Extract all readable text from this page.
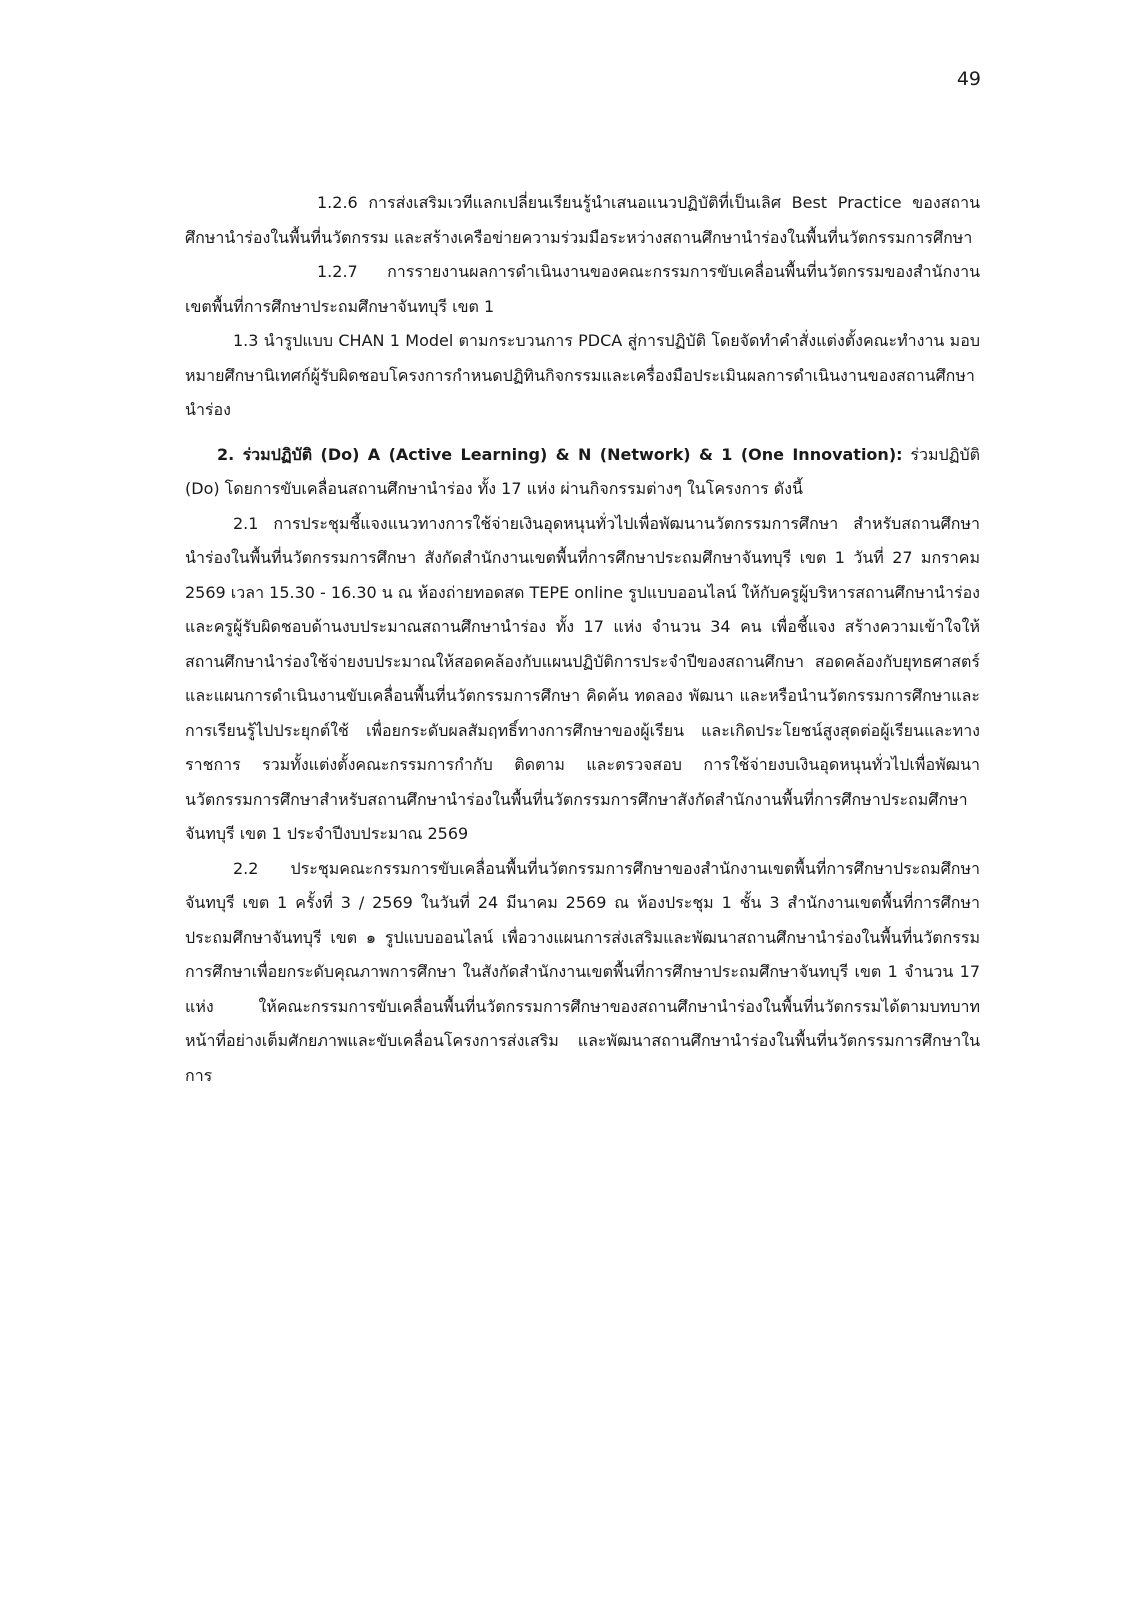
49

1.2.6 การส่งเสริมเวทีแลกเปลี่ยนเรียนรู้นำเสนอแนวปฏิบัติที่เป็นเลิศ Best Practice ของสถานศึกษานำร่องในพื้นที่นวัตกรรม และสร้างเครือข่ายความร่วมมือระหว่างสถานศึกษานำร่องในพื้นที่นวัตกรรมการศึกษา

1.2.7 การรายงานผลการดำเนินงานของคณะกรรมการขับเคลื่อนพื้นที่นวัตกรรมของสำนักงานเขตพื้นที่การศึกษาประถมศึกษาจันทบุรี เขต 1

1.3 นำรูปแบบ CHAN 1 Model ตามกระบวนการ PDCA สู่การปฏิบัติ โดยจัดทำคำสั่งแต่งตั้งคณะทำงาน มอบหมายศึกษานิเทศก์ผู้รับผิดชอบโครงการกำหนดปฏิทินกิจกรรมและเครื่องมือประเมินผลการดำเนินงานของสถานศึกษานำร่อง

2. ร่วมปฏิบัติ (Do) A (Active Learning) & N (Network) & 1 (One Innovation): ร่วมปฏิบัติ (Do) โดยการขับเคลื่อนสถานศึกษานำร่อง ทั้ง 17 แห่ง ผ่านกิจกรรมต่างๆ ในโครงการ ดังนี้

2.1 การประชุมชี้แจงแนวทางการใช้จ่ายเงินอุดหนุนทั่วไปเพื่อพัฒนานวัตกรรมการศึกษา สำหรับสถานศึกษานำร่องในพื้นที่นวัตกรรมการศึกษา สังกัดสำนักงานเขตพื้นที่การศึกษาประถมศึกษาจันทบุรี เขต 1 วันที่ 27 มกราคม 2569 เวลา 15.30 - 16.30 น ณ ห้องถ่ายทอดสด TEPE online รูปแบบออนไลน์ ให้กับครูผู้บริหารสถานศึกษานำร่อง และครูผู้รับผิดชอบด้านงบประมาณสถานศึกษานำร่อง ทั้ง 17 แห่ง จำนวน 34 คน เพื่อชี้แจง สร้างความเข้าใจให้สถานศึกษานำร่องใช้จ่ายงบประมาณให้สอดคล้องกับแผนปฏิบัติการประจำปีของสถานศึกษา สอดคล้องกับยุทธศาสตร์และแผนการดำเนินงานขับเคลื่อนพื้นที่นวัตกรรมการศึกษา คิดค้น ทดลอง พัฒนา และหรือนำนวัตกรรมการศึกษาและการเรียนรู้ไปประยุกต์ใช้ เพื่อยกระดับผลสัมฤทธิ์ทางการศึกษาของผู้เรียน และเกิดประโยชน์สูงสุดต่อผู้เรียนและทางราชการ รวมทั้งแต่งตั้งคณะกรรมการกำกับ ติดตาม และตรวจสอบ การใช้จ่ายงบเงินอุดหนุนทั่วไปเพื่อพัฒนานวัตกรรมการศึกษาสำหรับสถานศึกษานำร่องในพื้นที่นวัตกรรมการศึกษาสังกัดสำนักงานพื้นที่การศึกษาประถมศึกษาจันทบุรี เขต 1 ประจำปีงบประมาณ 2569

2.2 ประชุมคณะกรรมการขับเคลื่อนพื้นที่นวัตกรรมการศึกษาของสำนักงานเขตพื้นที่การศึกษาประถมศึกษาจันทบุรี เขต 1 ครั้งที่ 3 / 2569 ในวันที่ 24 มีนาคม 2569 ณ ห้องประชุม 1 ชั้น 3 สำนักงานเขตพื้นที่การศึกษาประถมศึกษาจันทบุรี เขต ๑ รูปแบบออนไลน์ เพื่อวางแผนการส่งเสริมและพัฒนาสถานศึกษานำร่องในพื้นที่นวัตกรรมการศึกษาเพื่อยกระดับคุณภาพการศึกษา ในสังกัดสำนักงานเขตพื้นที่การศึกษาประถมศึกษาจันทบุรี เขต 1 จำนวน 17 แห่ง ให้คณะกรรมการขับเคลื่อนพื้นที่นวัตกรรมการศึกษาของสถานศึกษานำร่องในพื้นที่นวัตกรรมได้ตามบทบาทหน้าที่อย่างเต็มศักยภาพและขับเคลื่อนโครงการส่งเสริม และพัฒนาสถานศึกษานำร่องในพื้นที่นวัตกรรมการศึกษาในการ
